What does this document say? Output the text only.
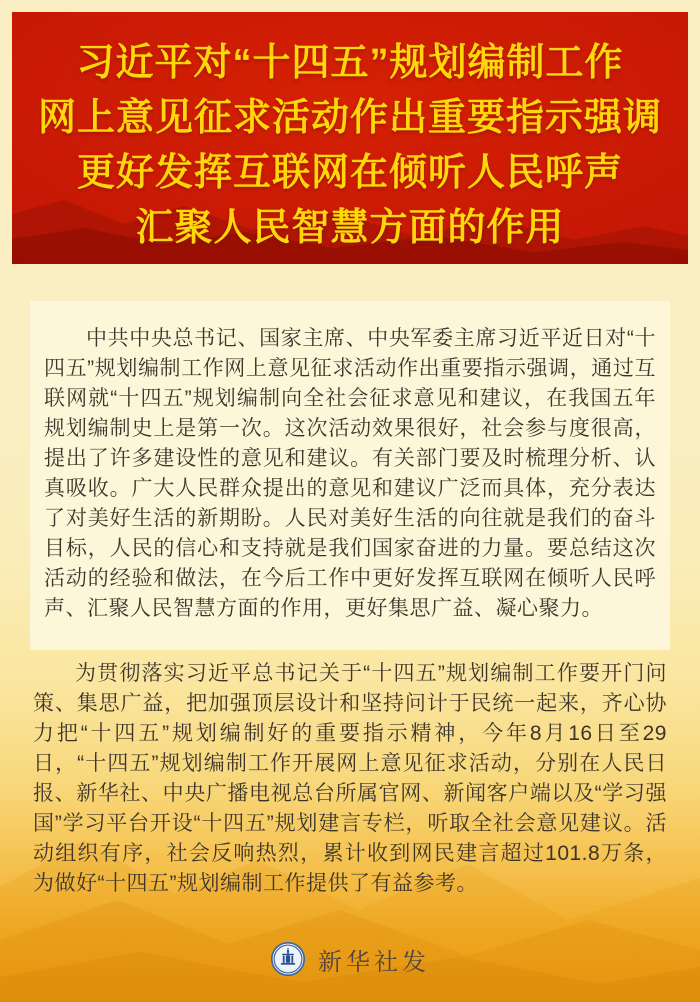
习近平对“十四五”规划编制工作
网上意见征求活动作出重要指示强调
更好发挥互联网在倾听人民呼声
汇聚人民智慧方面的作用

中共中央总书记、国家主席、中央军委主席习近平近日对“十四五”规划编制工作网上意见征求活动作出重要指示强调，通过互联网就“十四五”规划编制向全社会征求意见和建议，在我国五年规划编制史上是第一次。这次活动效果很好，社会参与度很高，提出了许多建设性的意见和建议。有关部门要及时梳理分析、认真吸收。广大人民群众提出的意见和建议广泛而具体，充分表达了对美好生活的新期盼。人民对美好生活的向往就是我们的奋斗目标，人民的信心和支持就是我们国家奋进的力量。要总结这次活动的经验和做法，在今后工作中更好发挥互联网在倾听人民呼声、汇聚人民智慧方面的作用，更好集思广益、凝心聚力。

为贯彻落实习近平总书记关于“十四五”规划编制工作要开门问策、集思广益，把加强顶层设计和坚持问计于民统一起来，齐心协力把“十四五”规划编制好的重要指示精神，今年8月16日至29日，“十四五”规划编制工作开展网上意见征求活动，分别在人民日报、新华社、中央广播电视总台所属官网、新闻客户端以及“学习强国”学习平台开设“十四五”规划建言专栏，听取全社会意见建议。活动组织有序，社会反响热烈，累计收到网民建言超过101.8万条，为做好“十四五”规划编制工作提供了有益参考。

新华社发
